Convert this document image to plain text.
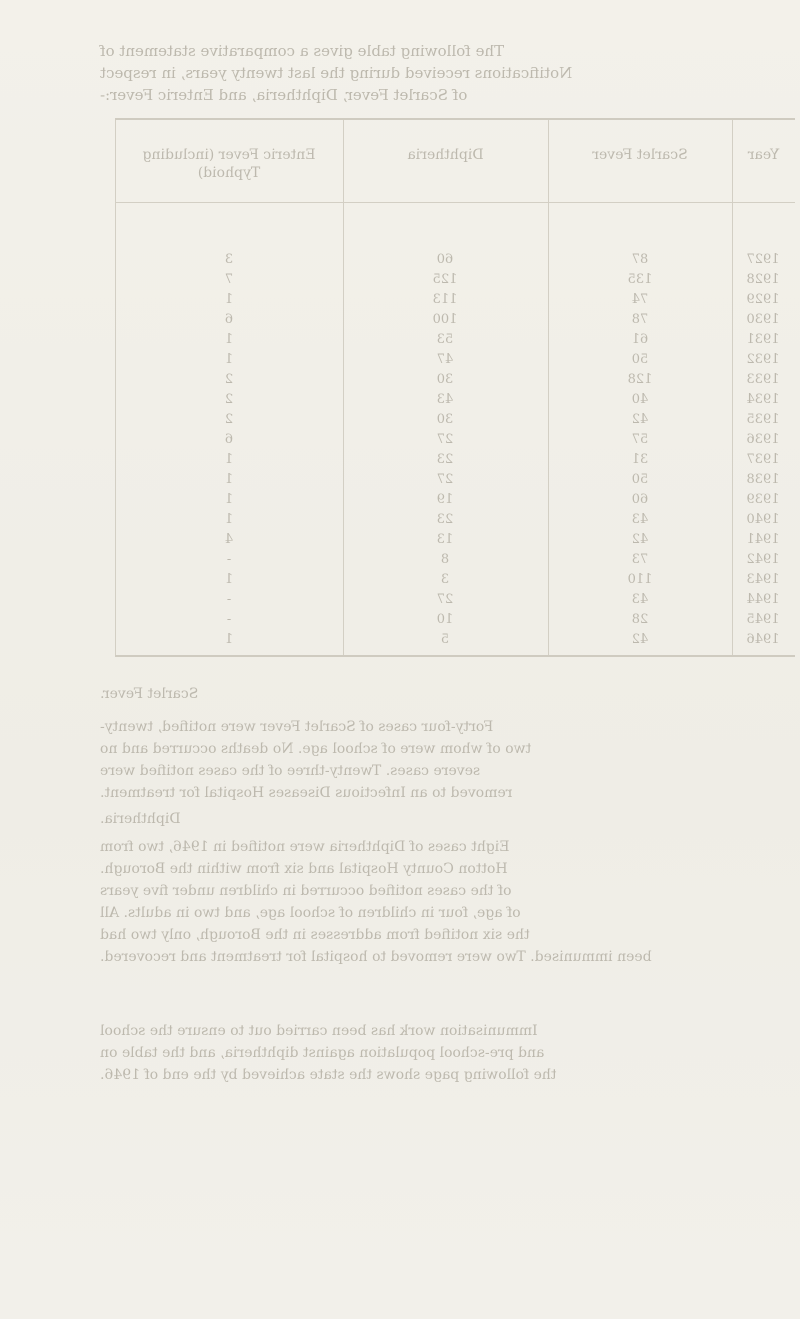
The following table gives a comparative statement of
Notifications received during the last twenty years, in respect
of Scarlet Fever, Diphtheria, and Enteric Fever:-
Enteric Fever (including Typhoid)
Diphtheria	Scarlet Fever	Year
1927
87
60
3
1928
135
125
7
1929
74
113
1
1930
78
100
6
1931
61
53
1
1932
50
47
1
1933
128
30
2
1934
40
43
2
1935
42
30
2
1936
57
27
6
1937
31
23
1
1938
50
27
1
1939
60
19
1
1940
43
23
1
1941
42
13
4
1942
73
8
-
1943
110
3
1
1944
43
27
-
1945
28
10
-
1946
42
5
1
Scarlet Fever.
Forty-four cases of Scarlet Fever were notified, twenty-
two of whom were of school age. No deaths occurred and no
severe cases. Twenty-three of the cases notified were
removed to an Infectious Diseases Hospital for treatment.
Diphtheria.
Eight cases of Diphtheria were notified in 1946, two from
Hotton County Hospital and six from within the Borough.
of the cases notified occurred in children under five years
of age, four in children of school age, and two in adults. All
the six notified from addresses in the Borough, only two had
been immunised. Two were removed to hospital for treatment and recovered.
Immunisation work has been carried out to ensure the school
and pre-school population against diphtheria, and the table on
the following page shows the state achieved by the end of 1946.
